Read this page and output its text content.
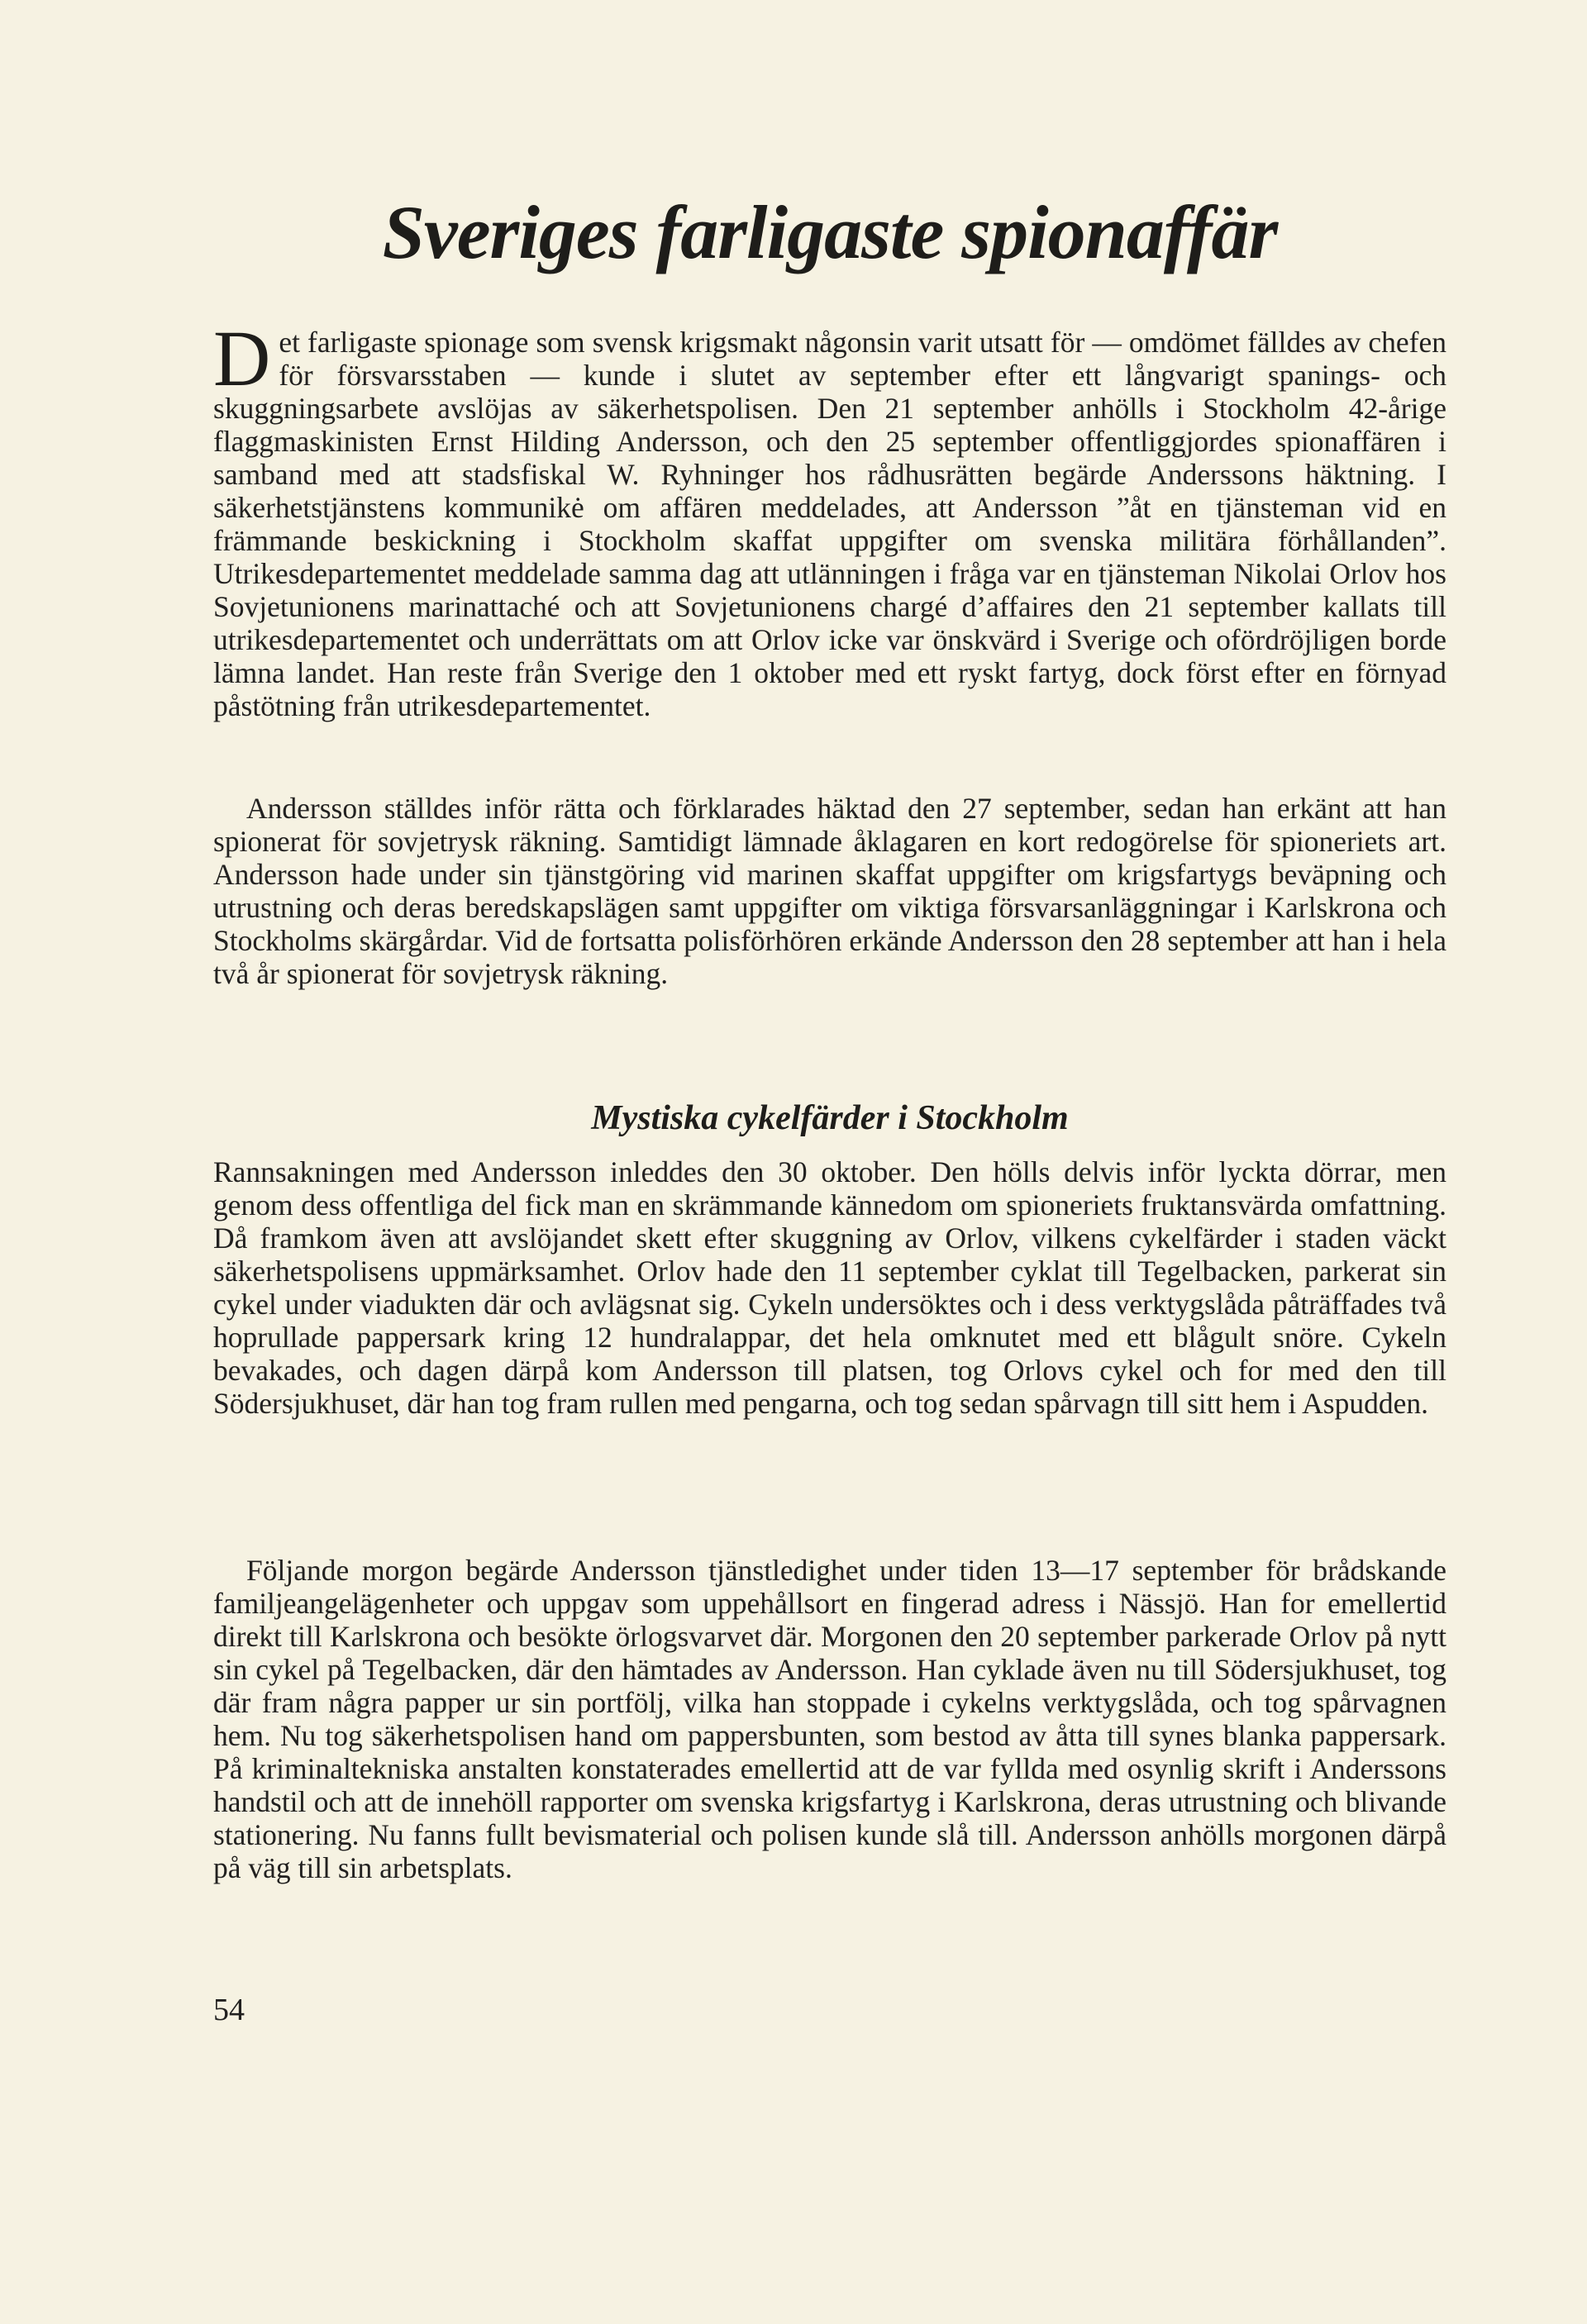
Sveriges farligaste spionaffär

Det farligaste spionage som svensk krigsmakt någonsin varit utsatt för — omdömet fälldes av chefen för försvarsstaben — kunde i slutet av september efter ett långvarigt spanings- och skuggningsarbete avslöjas av säkerhetspolisen. Den 21 september anhölls i Stockholm 42-årige flaggmaskinisten Ernst Hilding Andersson, och den 25 september offentliggjordes spionaffären i samband med att stadsfiskal W. Ryhninger hos rådhusrätten begärde Anderssons häktning. I säkerhetstjänstens kommunikė om affären meddelades, att Andersson ”åt en tjänsteman vid en främmande beskickning i Stockholm skaffat uppgifter om svenska militära förhållanden”. Utrikesdepartementet meddelade samma dag att utlänningen i fråga var en tjänsteman Nikolai Orlov hos Sovjetunionens marinattaché och att Sovjetunionens chargé d’affaires den 21 september kallats till utrikesdepartementet och underrättats om att Orlov icke var önskvärd i Sverige och ofördröjligen borde lämna landet. Han reste från Sverige den 1 oktober med ett ryskt fartyg, dock först efter en förnyad påstötning från utrikesdepartementet.

Andersson ställdes inför rätta och förklarades häktad den 27 september, sedan han erkänt att han spionerat för sovjetrysk räkning. Samtidigt lämnade åklagaren en kort redogörelse för spioneriets art. Andersson hade under sin tjänstgöring vid marinen skaffat uppgifter om krigsfartygs beväpning och utrustning och deras beredskapslägen samt uppgifter om viktiga försvarsanläggningar i Karlskrona och Stockholms skärgårdar. Vid de fortsatta polisförhören erkände Andersson den 28 september att han i hela två år spionerat för sovjetrysk räkning.

Mystiska cykelfärder i Stockholm

Rannsakningen med Andersson inleddes den 30 oktober. Den hölls delvis inför lyckta dörrar, men genom dess offentliga del fick man en skrämmande kännedom om spioneriets fruktansvärda omfattning. Då framkom även att avslöjandet skett efter skuggning av Orlov, vilkens cykelfärder i staden väckt säkerhetspolisens uppmärksamhet. Orlov hade den 11 september cyklat till Tegelbacken, parkerat sin cykel under viadukten där och avlägsnat sig. Cykeln undersöktes och i dess verktygslåda påträffades två hoprullade pappersark kring 12 hundralappar, det hela omknutet med ett blågult snöre. Cykeln bevakades, och dagen därpå kom Andersson till platsen, tog Orlovs cykel och for med den till Södersjukhuset, där han tog fram rullen med pengarna, och tog sedan spårvagn till sitt hem i Aspudden.

Följande morgon begärde Andersson tjänstledighet under tiden 13—17 september för brådskande familjeangelägenheter och uppgav som uppehållsort en fingerad adress i Nässjö. Han for emellertid direkt till Karlskrona och besökte örlogsvarvet där. Morgonen den 20 september parkerade Orlov på nytt sin cykel på Tegelbacken, där den hämtades av Andersson. Han cyklade även nu till Södersjukhuset, tog där fram några papper ur sin portfölj, vilka han stoppade i cykelns verktygslåda, och tog spårvagnen hem. Nu tog säkerhetspolisen hand om pappersbunten, som bestod av åtta till synes blanka pappersark. På kriminaltekniska anstalten konstaterades emellertid att de var fyllda med osynlig skrift i Anderssons handstil och att de innehöll rapporter om svenska krigsfartyg i Karlskrona, deras utrustning och blivande stationering. Nu fanns fullt bevismaterial och polisen kunde slå till. Andersson anhölls morgonen därpå på väg till sin arbetsplats.

54
